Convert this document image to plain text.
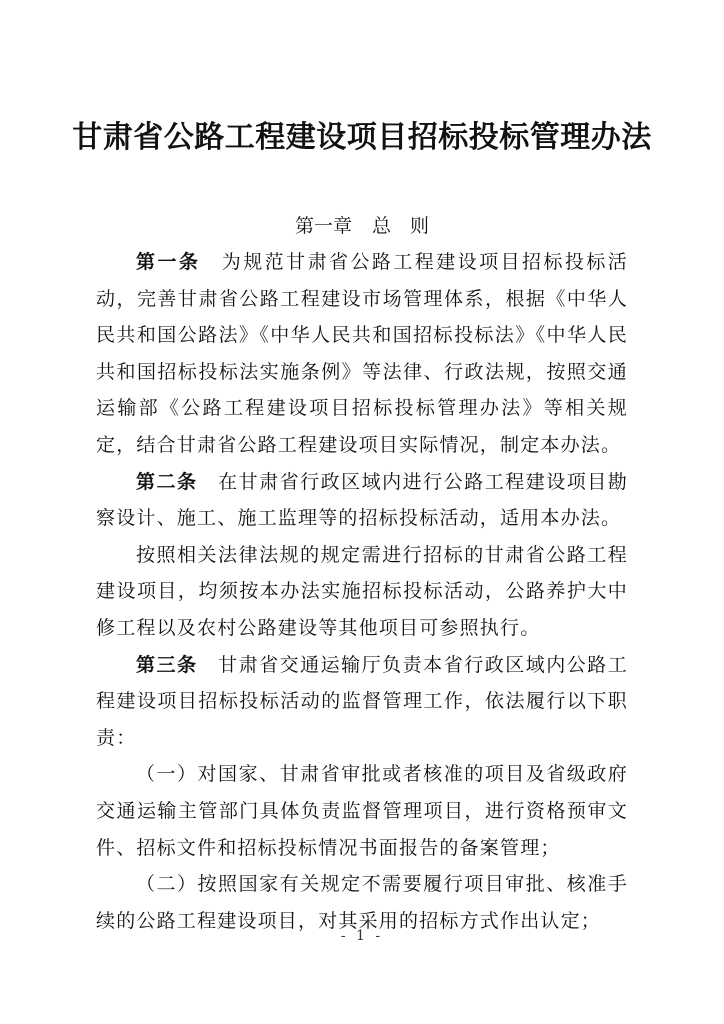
甘肃省公路工程建设项目招标投标管理办法
第一章 总　则

第一条　 为规范甘肃省公路工程建设项目招标投标活动，完善甘肃省公路工程建设市场管理体系，根据《中华人民共和国公路法》《中华人民共和国招标投标法》《中华人民共和国招标投标法实施条例》等法律、行政法规，按照交通运输部《公路工程建设项目招标投标管理办法》等相关规定，结合甘肃省公路工程建设项目实际情况，制定本办法。

第二条　 在甘肃省行政区域内进行公路工程建设项目勘察设计、施工、施工监理等的招标投标活动，适用本办法。

按照相关法律法规的规定需进行招标的甘肃省公路工程建设项目，均须按本办法实施招标投标活动，公路养护大中修工程以及农村公路建设等其他项目可参照执行。

第三条　 甘肃省交通运输厅负责本省行政区域内公路工程建设项目招标投标活动的监督管理工作，依法履行以下职责：

（一）对国家、甘肃省审批或者核准的项目及省级政府交通运输主管部门具体负责监督管理项目，进行资格预审文件、招标文件和招标投标情况书面报告的备案管理；

（二）按照国家有关规定不需要履行项目审批、核准手续的公路工程建设项目，对其采用的招标方式作出认定；

- 1 -
